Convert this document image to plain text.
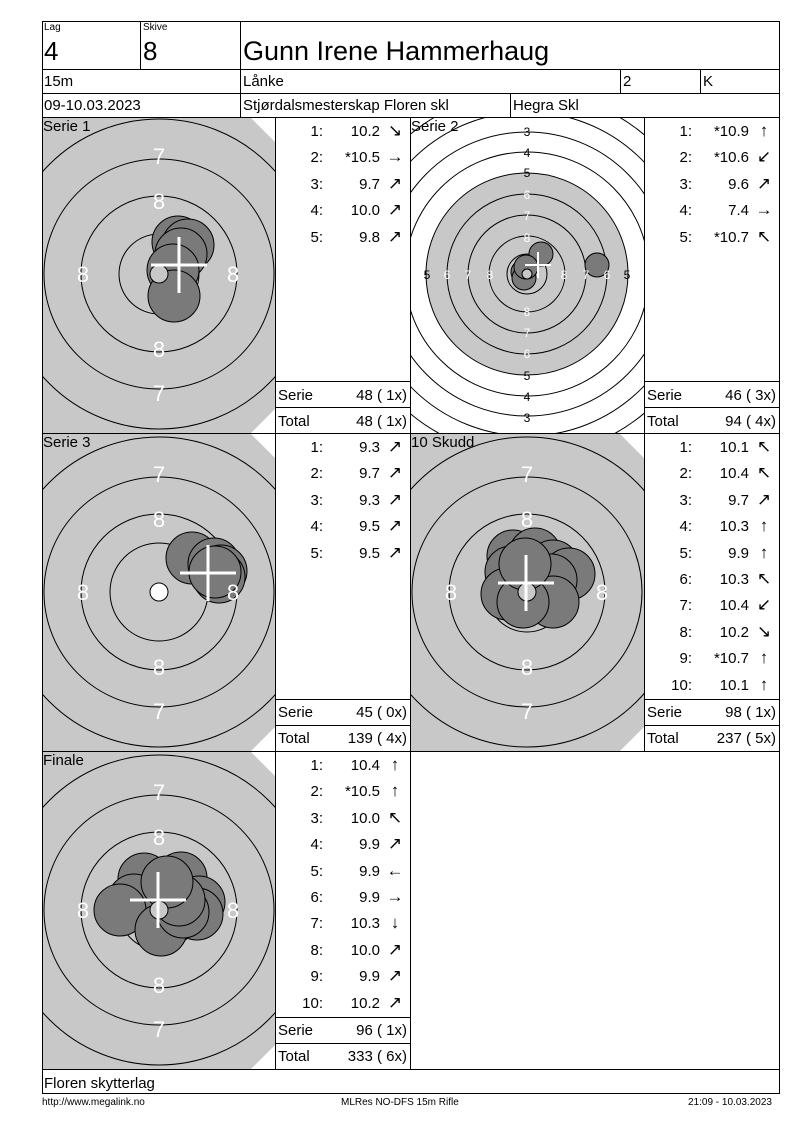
Lag
4
Skive
8	Gunn Irene Hammerhaug
15m	Lånke	2	K
09-10.03.2023	Stjørdalsmesterskap Floren skl	Hegra Skl
7
8
8	8
8
7
Serie 1	3
4
5
6
7
8
8
7
6
5
4
3
5 6 7 8	8 7 6 5
Serie 2
7
8
8	8
8
7
Serie 3
7
8
8	8
8
7
10 Skudd
7
8
8	8
8
7
Finale
1:	10.2 ↘
2:	*10.5 →
3:	9.7 ↗
4:	10.0 ↗
5:	9.8 ↗
1:	*10.9 ↑
2:	*10.6 ↙
3:	9.6 ↗
4:	7.4 →
5:	*10.7 ↖
1:	9.3 ↗
2:	9.7 ↗
3:	9.3 ↗
4:	9.5 ↗
5:	9.5 ↗
1:	10.1 ↖
2:	10.4 ↖
3:	9.7 ↗
4:	10.3 ↑
5:	9.9 ↑
6:	10.3 ↖
7:	10.4 ↙
8:	10.2 ↘
9:	*10.7 ↑
10:	10.1 ↑
1:	10.4 ↑
2:	*10.5 ↑
3:	10.0 ↖
4:	9.9 ↗
5:	9.9 ←
6:	9.9 →
7:	10.3 ↓
8:	10.0 ↗
9:	9.9 ↗
10:	10.2 ↗
Serie	48 ( 1x)
Total	48 ( 1x)
Serie	46 ( 3x)
Total	94 ( 4x)
Serie	45 ( 0x)
Total	139 ( 4x)
Serie	98 ( 1x)
Total	237 ( 5x)
Serie	96 ( 1x)
Total	333 ( 6x)
Floren skytterlag
http://www.megalink.no	MLRes NO-DFS 15m Rifle	21:09 - 10.03.2023
